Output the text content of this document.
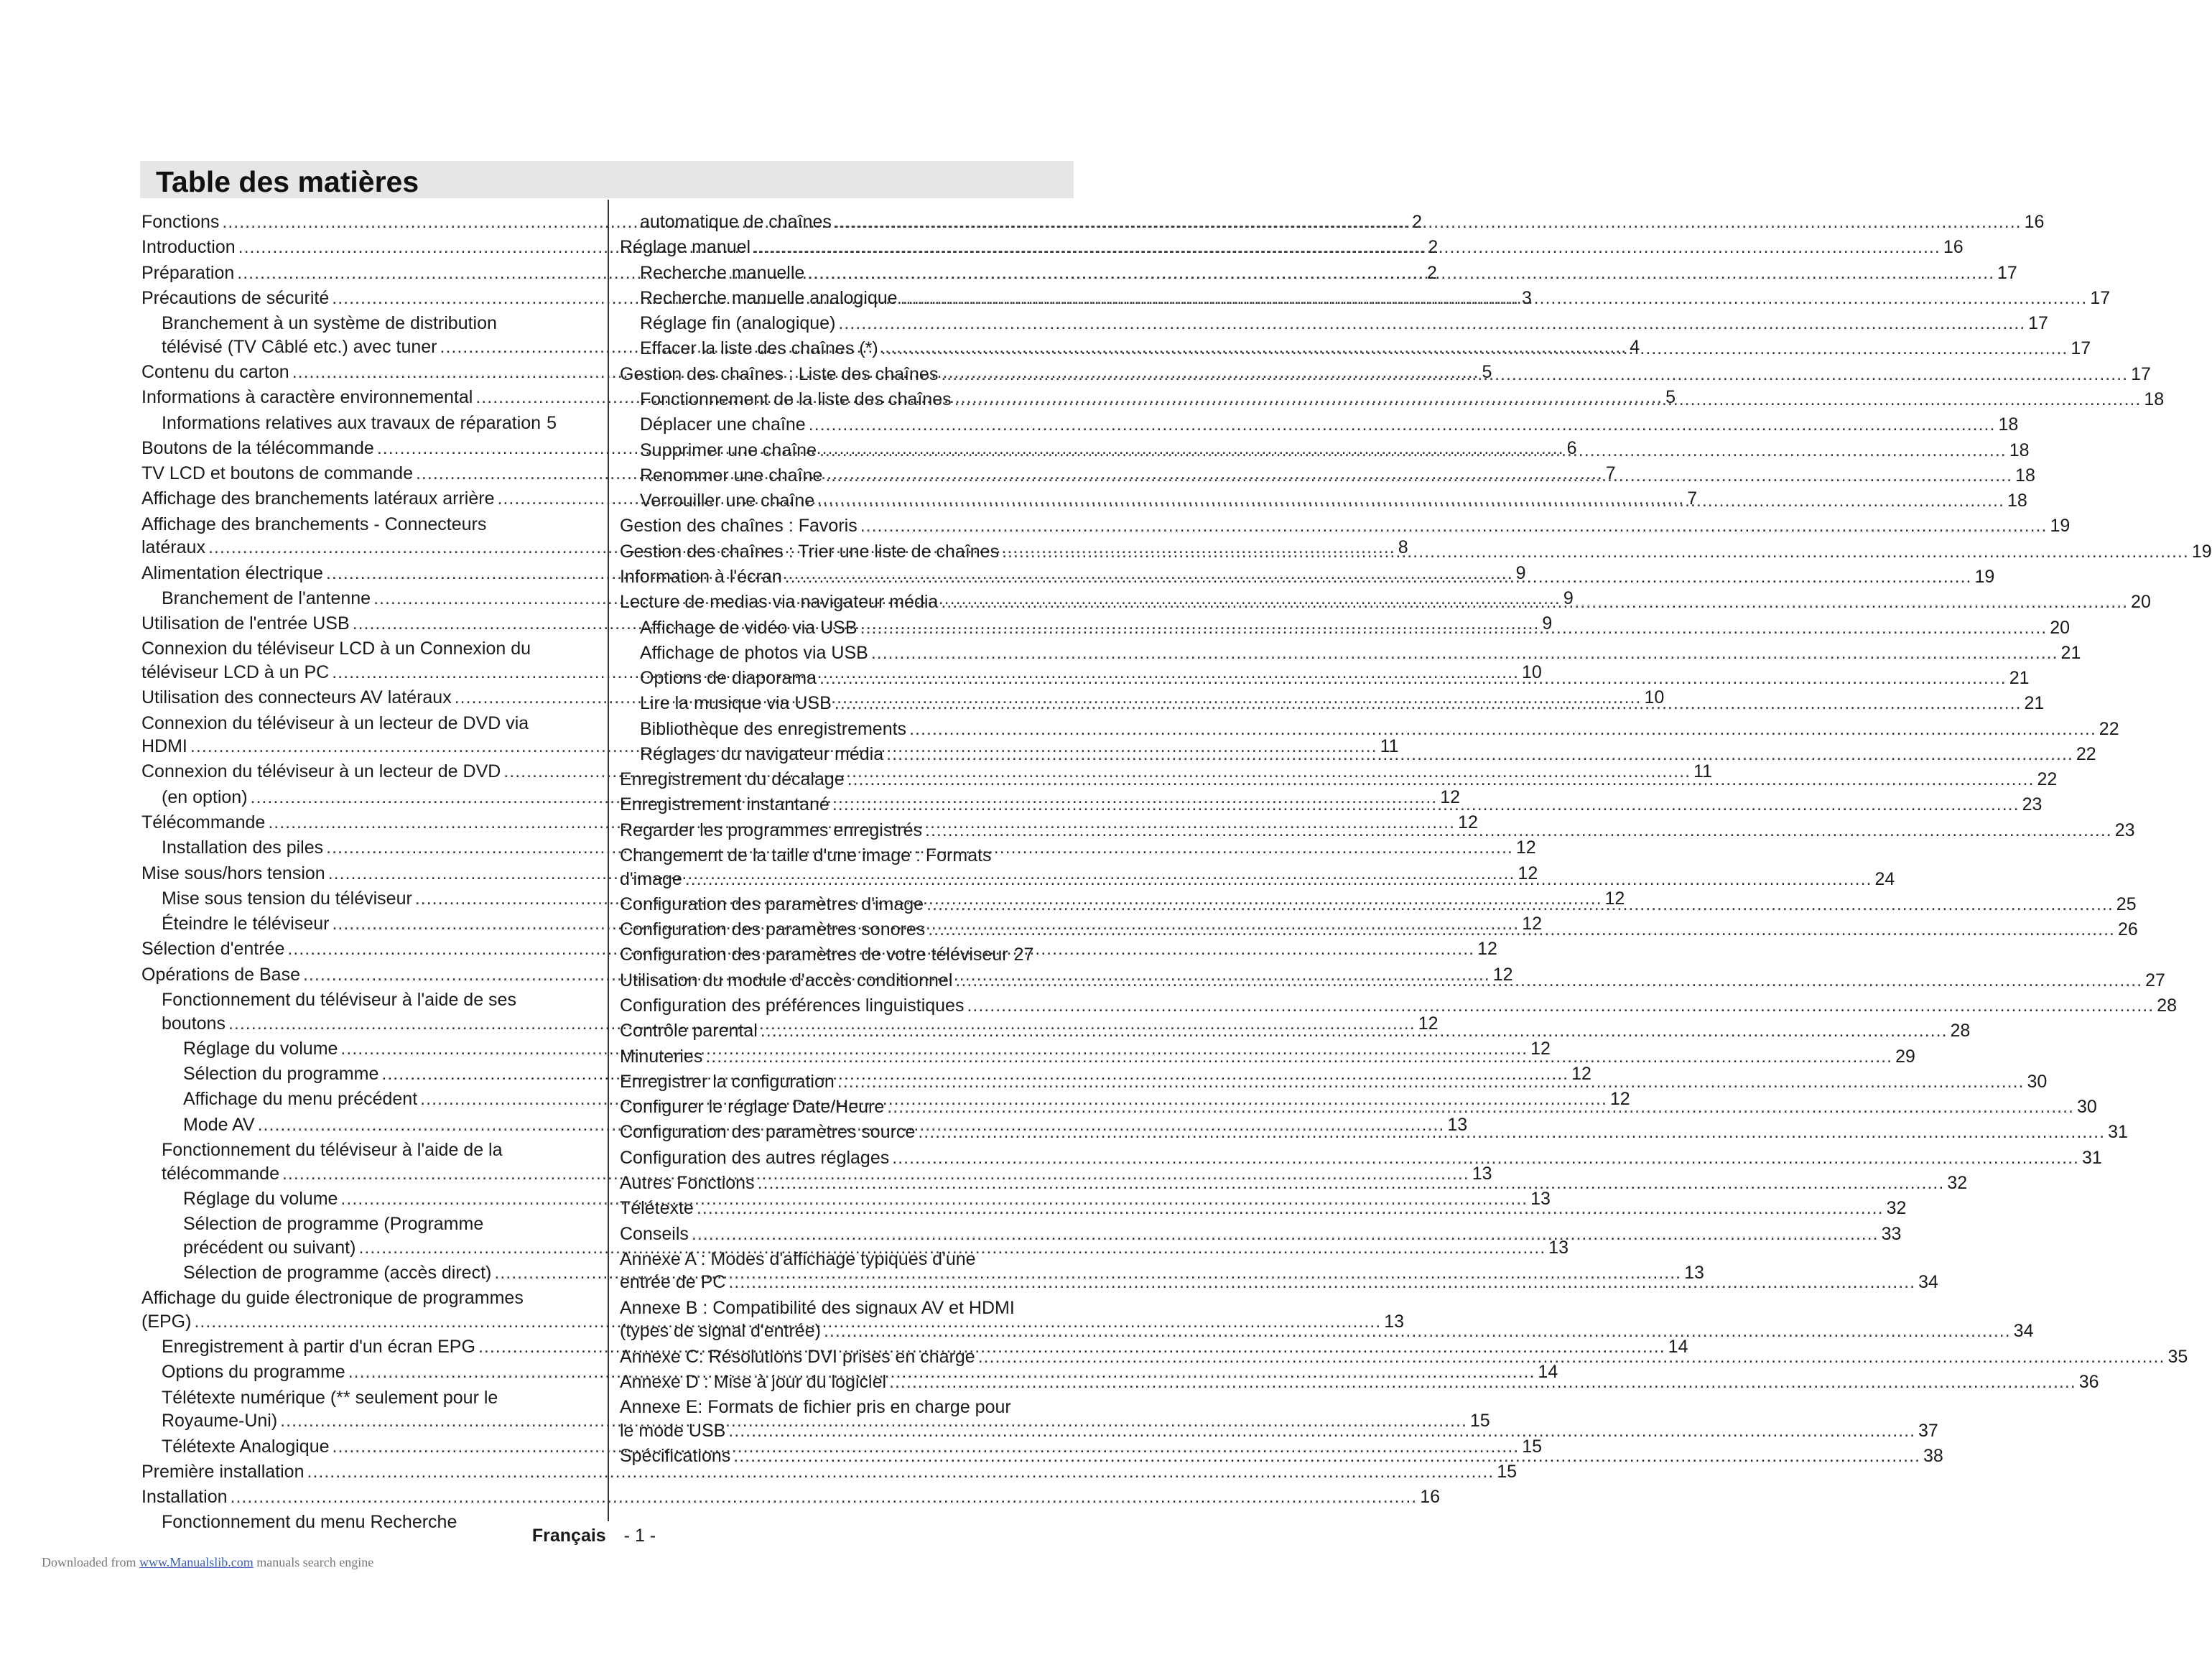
Table des matières
Fonctions .....	2
Introduction .....	2
Préparation .....	2
Précautions de sécurité .....	3
Branchement à un système de distribution
télévisé (TV Câblé etc.) avec tuner .....	4
Contenu du carton .....	5
Informations à caractère environnemental .....	5
Informations relatives aux travaux de réparation 5
Boutons de la télécommande .....	6
TV LCD et boutons de commande .....	7
Affichage des branchements latéraux arrière .....	7
Affichage des branchements - Connecteurs
latéraux .....	8
Alimentation électrique .....	9
Branchement de l'antenne .....	9
Utilisation de l'entrée USB .....	9
Connexion du téléviseur LCD à un Connexion du
téléviseur LCD à un PC .....	10
Utilisation des connecteurs AV latéraux .....	10
Connexion du téléviseur à un lecteur de DVD via
HDMI .....	11
Connexion du téléviseur à un lecteur de DVD .....	11
(en option) .....	12
Télécommande .....	12
Installation des piles .....	12
Mise sous/hors tension .....	12
Mise sous tension du téléviseur .....	12
Éteindre le téléviseur .....	12
Sélection d'entrée .....	12
Opérations de Base .....	12
Fonctionnement du téléviseur à l'aide de ses
boutons .....	12
Réglage du volume .....	12
Sélection du programme .....	12
Affichage du menu précédent .....	12
Mode AV .....	13
Fonctionnement du téléviseur à l'aide de la
télécommande .....	13
Réglage du volume .....	13
Sélection de programme (Programme
précédent ou suivant) .....	13
Sélection de programme (accès direct) .....	13
Affichage du guide électronique de programmes
(EPG) .....	13
Enregistrement à partir d'un écran EPG .....	14
Options du programme .....	14
Télétexte numérique (** seulement pour le
Royaume-Uni) .....	15
Télétexte Analogique .....	15
Première installation .....	15
Installation .....	16
Fonctionnement du menu Recherche
automatique de chaînes .....	16
Réglage manuel .....	16
Recherche manuelle .....	17
Recherche manuelle analogique .....	17
Réglage fin (analogique) .....	17
Effacer la liste des chaînes (*) .....	17
Gestion des chaînes : Liste des chaînes .....	17
Fonctionnement de la liste des chaînes .....	18
Déplacer une chaîne .....	18
Supprimer une chaîne .....	18
Renommer une chaîne .....	18
Verrouiller une chaîne .....	18
Gestion des chaînes : Favoris .....	19
Gestion des chaînes : Trier une liste de chaînes .....	19
Information à l'écran .....	19
Lecture de medias via navigateur média .....	20
Affichage de vidéo via USB .....	20
Affichage de photos via USB .....	21
Options de diaporama .....	21
Lire la musique via USB .....	21
Bibliothèque des enregistrements .....	22
Réglages du navigateur média .....	22
Enregistrement du décalage .....	22
Enregistrement instantané .....	23
Regarder les programmes enregistrés .....	23
Changement de la taille d'une image : Formats
d'image .....	24
Configuration des paramètres d'image .....	25
Configuration des paramètres sonores .....	26
Configuration des paramètres de votre téléviseur 27
Utilisation du module d'accès conditionnel .....	27
Configuration des préférences linguistiques .....	28
Contrôle parental .....	28
Minuteries .....	29
Enregistrer la configuration .....	30
Configurer le réglage Date/Heure .....	30
Configuration des paramètres source .....	31
Configuration des autres réglages .....	31
Autres Fonctions .....	32
Télétexte .....	32
Conseils .....	33
Annexe A : Modes d'affichage typiques d'une
entrée de PC .....	34
Annexe B : Compatibilité des signaux AV et HDMI
(types de signal d'entrée) .....	34
Annexe C: Résolutions DVI prises en charge .....	35
Annexe D : Mise à jour du logiciel .....	36
Annexe E: Formats de fichier pris en charge pour
le mode USB .....	37
Spécifications .....	38
Français - 1 -
Downloaded from www.Manualslib.com manuals search engine
